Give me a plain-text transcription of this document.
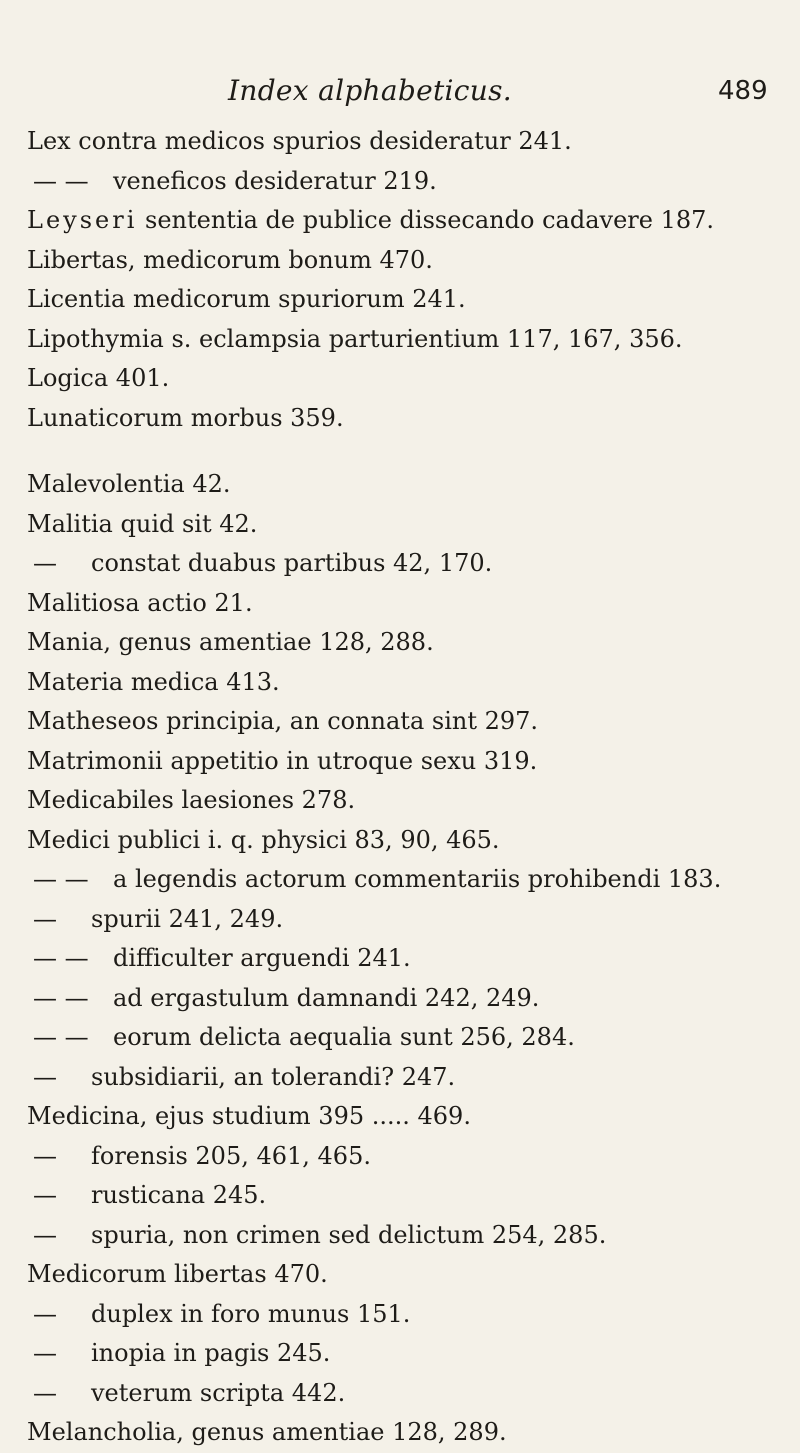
Index alphabeticus.	489
Lex contra medicos spurios desideratur 241.
— — veneficos desideratur 219.
Leyseri sententia de publice dissecando cadavere 187.
Libertas, medicorum bonum 470.
Licentia medicorum spuriorum 241.
Lipothymia s. eclampsia parturientium 117, 167, 356.
Logica 401.
Lunaticorum morbus 359.
Malevolentia 42.
Malitia quid sit 42.
— constat duabus partibus 42, 170.
Malitiosa actio 21.
Mania, genus amentiae 128, 288.
Materia medica 413.
Matheseos principia, an connata sint 297.
Matrimonii appetitio in utroque sexu 319.
Medicabiles laesiones 278.
Medici publici i. q. physici 83, 90, 465.
— — a legendis actorum commentariis prohibendi 183.
— spurii 241, 249.
— — difficulter arguendi 241.
— — ad ergastulum damnandi 242, 249.
— — eorum delicta aequalia sunt 256, 284.
— subsidiarii, an tolerandi? 247.
Medicina, ejus studium 395 ..... 469.
— forensis 205, 461, 465.
— rusticana 245.
— spuria, non crimen sed delictum 254, 285.
Medicorum libertas 470.
— duplex in foro munus 151.
— inopia in pagis 245.
— veterum scripta 442.
Melancholia, genus amentiae 128, 289.
